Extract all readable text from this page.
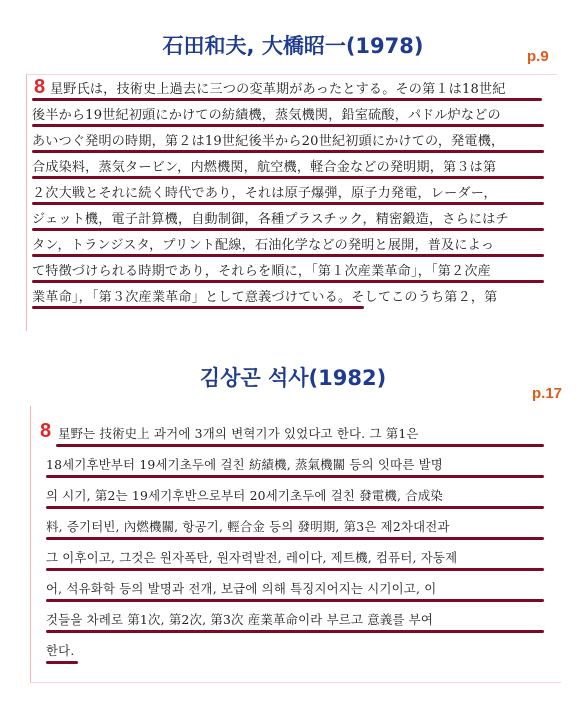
石田和夫, 大橋昭一(1978)	p.9
8 星野氏は，技術史上過去に三つの変革期があったとする。その第１は18世紀
後半から19世紀初頭にかけての紡績機，蒸気機関，鉛室硫酸，パドル炉などの
あいつぐ発明の時期，第２は19世紀後半から20世紀初頭にかけての，発電機，
合成染料，蒸気タービン，内燃機関，航空機，軽合金などの発明期，第３は第
２次大戦とそれに続く時代であり，それは原子爆弾，原子力発電，レーダー，
ジェット機，電子計算機，自動制御，各種プラスチック，精密鍛造，さらにはチ
タン，トランジスタ，プリント配線，石油化学などの発明と展開，普及によっ
て特徴づけられる時期であり，それらを順に，「第１次産業革命」，「第２次産
業革命」，「第３次産業革命」として意義づけている。そしてこのうち第２，第
김상곤 석사(1982)
p.17
8 星野는 技術史上 과거에 3개의 변혁기가 있었다고 한다. 그 第1은
18세기후반부터 19세기초두에 걸친 紡績機, 蒸氣機關 등의 잇따른 발명
의 시기, 第2는 19세기후반으로부터 20세기초두에 걸친 發電機, 合成染
料, 증기터빈, 內燃機關, 항공기, 輕合金 등의 發明期, 第3은 제2차대전과
그 이후이고, 그것은 원자폭탄, 원자력발전, 레이다, 제트機, 컴퓨터, 자동제
어, 석유화학 등의 발명과 전개, 보급에 의해 특징지어지는 시기이고, 이
것들을 차례로 第1次, 第2次, 第3次 産業革命이라 부르고 意義를 부여
한다.
